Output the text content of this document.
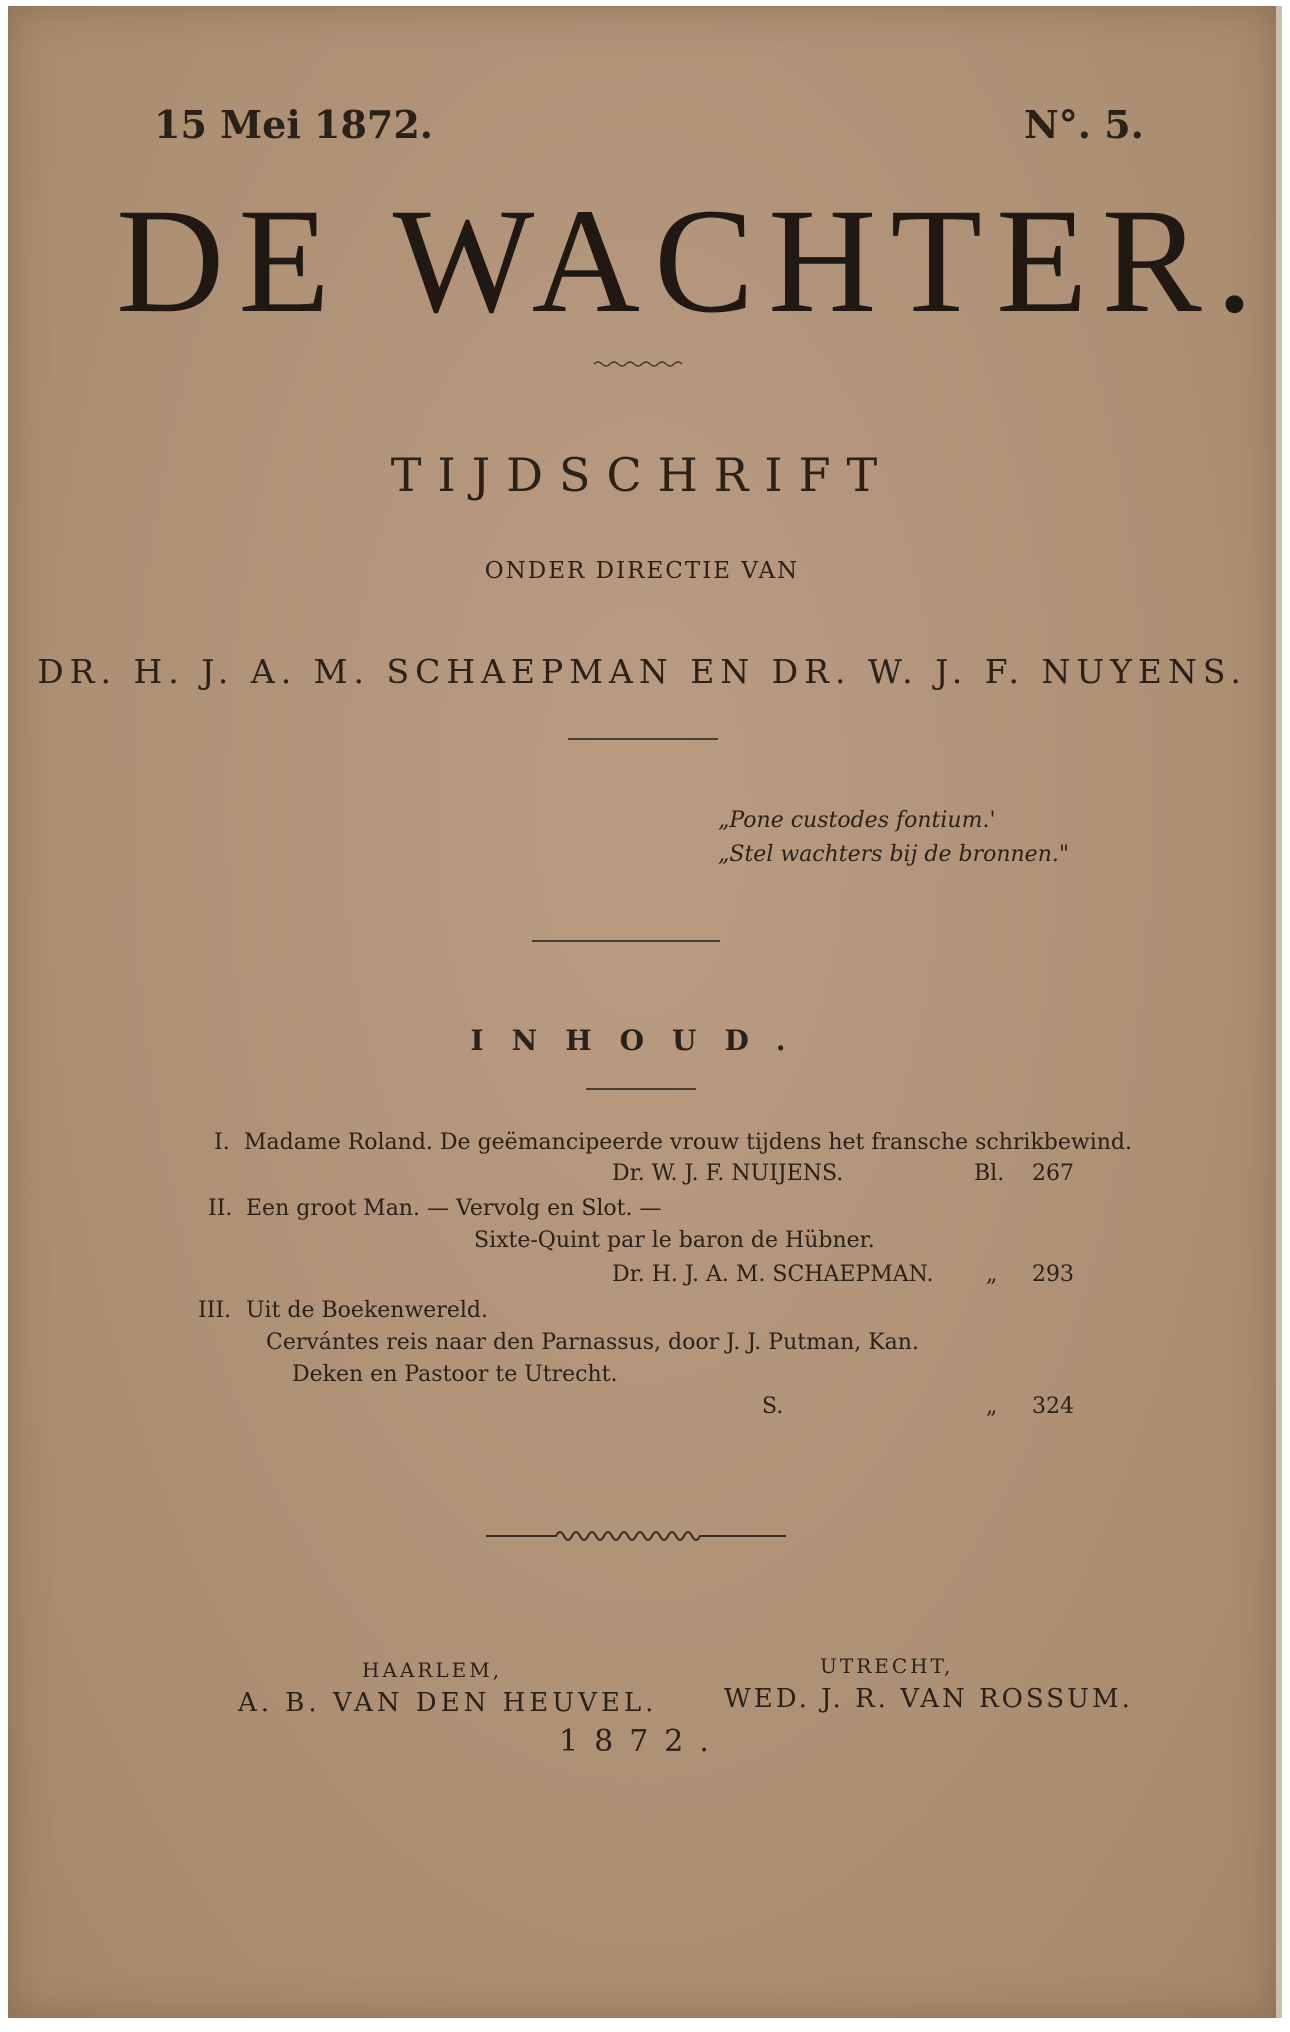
15 Mei 1872.	N°. 5.
DE WACHTER.
TIJDSCHRIFT
ONDER DIRECTIE VAN
DR. H. J. A. M. SCHAEPMAN EN DR. W. J. F. NUYENS.
„Pone custodes fontium.'
„Stel wachters bij de bronnen."
INHOUD.
I. Madame Roland. De geëmancipeerde vrouw tijdens het fransche schrikbewind.
Dr. W. J. F. NUIJENS.	Bl. 267
II. Een groot Man. — Vervolg en Slot. —
Sixte-Quint par le baron de Hübner.
Dr. H. J. A. M. SCHAEPMAN. „ 293
III. Uit de Boekenwereld.
Cervántes reis naar den Parnassus, door J. J. Putman, Kan.
Deken en Pastoor te Utrecht.
S.	„ 324
HAARLEM,
A. B. VAN DEN HEUVEL.
UTRECHT,
WED. J. R. VAN ROSSUM.
1872.
